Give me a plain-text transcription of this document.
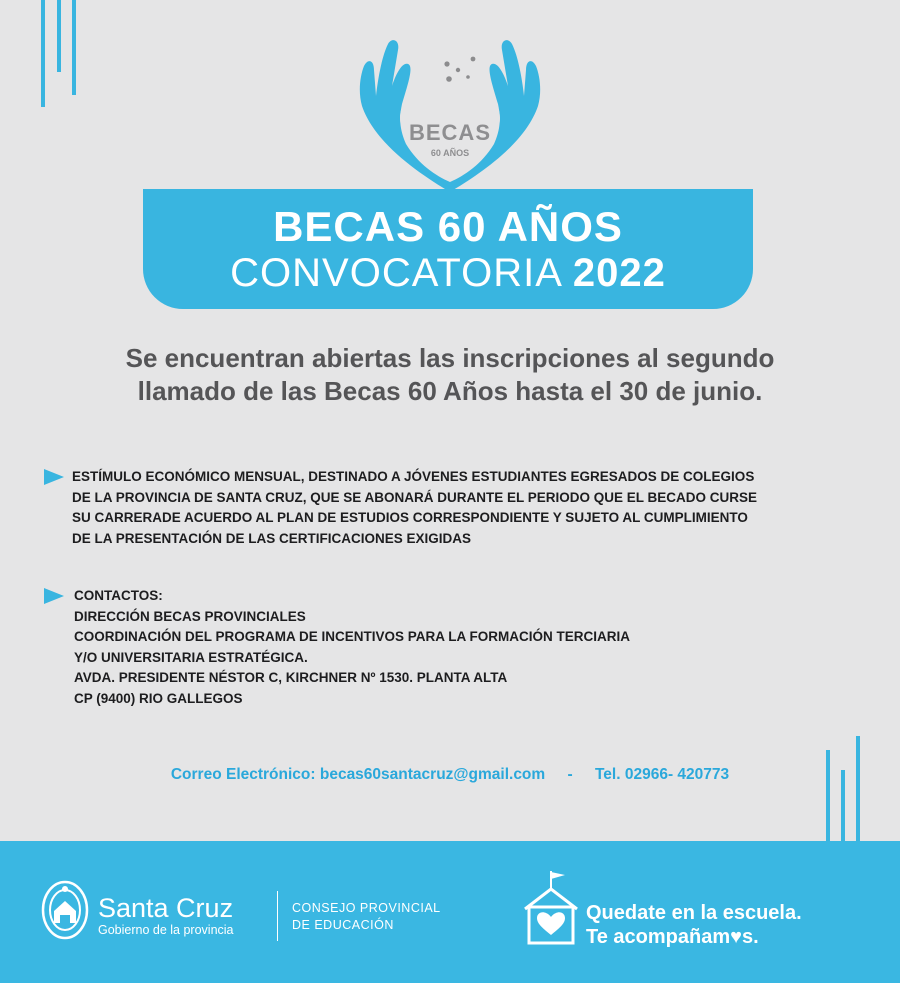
BECAS
60 AÑOS
BECAS 60 AÑOS
CONVOCATORIA 2022
Se encuentran abiertas las inscripciones al segundo
llamado de las Becas 60 Años hasta el 30 de junio.
ESTÍMULO ECONÓMICO MENSUAL, DESTINADO A JÓVENES ESTUDIANTES EGRESADOS DE COLEGIOS
DE LA PROVINCIA DE SANTA CRUZ, QUE SE ABONARÁ DURANTE EL PERIODO QUE EL BECADO CURSE
SU CARRERADE ACUERDO AL PLAN DE ESTUDIOS CORRESPONDIENTE Y SUJETO AL CUMPLIMIENTO
DE LA PRESENTACIÓN DE LAS CERTIFICACIONES EXIGIDAS
CONTACTOS:
DIRECCIÓN BECAS PROVINCIALES
COORDINACIÓN DEL PROGRAMA DE INCENTIVOS PARA LA FORMACIÓN TERCIARIA
Y/O UNIVERSITARIA ESTRATÉGICA.
AVDA. PRESIDENTE NÉSTOR C, KIRCHNER Nº 1530. PLANTA ALTA
CP (9400) RIO GALLEGOS
Correo Electrónico: becas60santacruz@gmail.com - Tel. 02966- 420773
Santa Cruz
Gobierno de la provincia
CONSEJO PROVINCIAL
DE EDUCACIÓN
Quedate en la escuela.
Te acompañam♥s.
